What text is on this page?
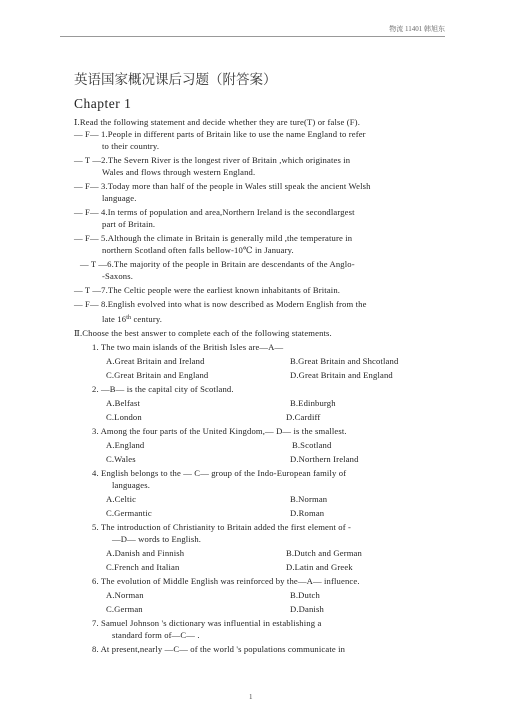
物流 11401 韩旭东
英语国家概况课后习题（附答案）
Chapter 1
Ⅰ.Read the following statement and decide whether they are ture(T) or false (F).
— F— 1.People in different parts of Britain like to use the name England to refer
to their country.
— T —2.The Severn River is the longest river of Britain ,which originates in
Wales and flows through western England.
— F— 3.Today more than half of the people in Wales still speak the ancient Welsh
language.
— F— 4.In terms of population and area,Northern Ireland is the secondlargest
part of Britain.
— F— 5.Although the climate in Britain is generally mild ,the temperature in
northern Scotland often falls bellow-10℃ in January.
— T —6.The majority of the people in Britain are descendants of the Anglo-
-Saxons.
— T —7.The Celtic people were the earliest known inhabitants of Britain.
— F— 8.English evolved into what is now described as Modern English from the
late 16th century.
Ⅱ.Choose the best answer to complete each of the following statements.
1. The two main islands of the British Isles are—A—
A.Great Britain and Ireland	B.Great Britain and Shcotland
C.Great Britain and England	D.Great Britain and England
2. —B— is the capital city of Scotland.
A.Belfast	B.Edinburgh
C.London	D.Cardiff
3. Among the four parts of the United Kingdom,— D— is the smallest.
A.England	B.Scotland
C.Wales	D.Northern Ireland
4. English belongs to the — C— group of the Indo-European family of
languages.
A.Celtic	B.Norman
C.Germantic	D.Roman
5. The introduction of Christianity to Britain added the first element of -
—D— words to English.
A.Danish and Finnish	B.Dutch and German
C.French and Italian	D.Latin and Greek
6. The evolution of Middle English was reinforced by the—A— influence.
A.Norman	B.Dutch
C.German	D.Danish
7. Samuel Johnson 's dictionary was influential in establishing a
standard form of—C— .
8. At present,nearly —C— of the world 's populations communicate in
1
